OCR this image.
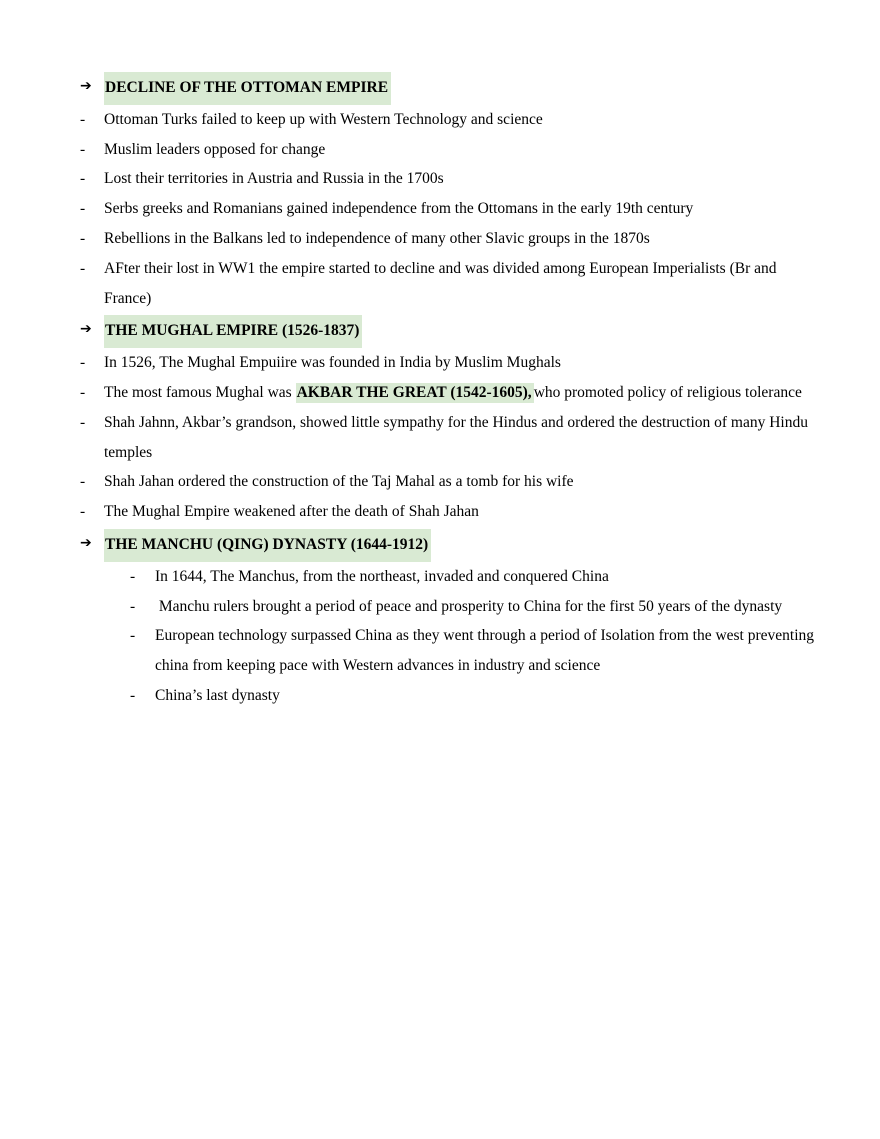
➔ DECLINE OF THE OTTOMAN EMPIRE
-	Ottoman Turks failed to keep up with Western Technology and science
-	Muslim leaders opposed for change
-	Lost their territories in Austria and Russia in the 1700s
-	Serbs greeks and Romanians gained independence from the Ottomans in the early 19th century
-	Rebellions in the Balkans led to independence of many other Slavic groups in the 1870s
-	AFter their lost in WW1 the empire started to decline and was divided among European Imperialists (Br and France)
➔ THE MUGHAL EMPIRE (1526-1837)
-	In 1526, The Mughal Empuiire was founded in India by Muslim Mughals
-	The most famous Mughal was AKBAR THE GREAT (1542-1605), who promoted policy of religious tolerance
-	Shah Jahnn, Akbar’s grandson, showed little sympathy for the Hindus and ordered the destruction of many Hindu temples
-	Shah Jahan ordered the construction of the Taj Mahal as a tomb for his wife
-	The Mughal Empire weakened after the death of Shah Jahan
➔ THE MANCHU (QING) DYNASTY (1644-1912)
-	In 1644, The Manchus, from the northeast, invaded and conquered China
-	Manchu rulers brought a period of peace and prosperity to China for the first 50 years of the dynasty
-	European technology surpassed China as they went through a period of Isolation from the west preventing china from keeping pace with Western advances in industry and science
-	China’s last dynasty
